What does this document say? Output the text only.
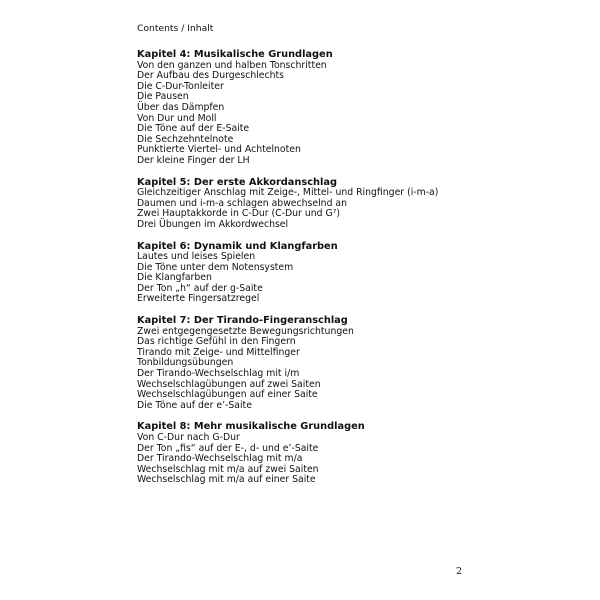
Contents / Inhalt
Kapitel 4: Musikalische Grundlagen
Von den ganzen und halben Tonschritten
Der Aufbau des Durgeschlechts
Die C-Dur-Tonleiter
Die Pausen
Über das Dämpfen
Von Dur und Moll
Die Töne auf der E-Saite
Die Sechzehntelnote
Punktierte Viertel- und Achtelnoten
Der kleine Finger der LH
Kapitel 5: Der erste Akkordanschlag
Gleichzeitiger Anschlag mit Zeige-, Mittel- und Ringfinger (i-m-a)
Daumen und i-m-a schlagen abwechselnd an
Zwei Hauptakkorde in C-Dur (C-Dur und G⁷)
Drei Übungen im Akkordwechsel
Kapitel 6: Dynamik und Klangfarben
Lautes und leises Spielen
Die Töne unter dem Notensystem
Die Klangfarben
Der Ton „h“ auf der g-Saite
Erweiterte Fingersatzregel
Kapitel 7: Der Tirando-Fingeranschlag
Zwei entgegengesetzte Bewegungsrichtungen
Das richtige Gefühl in den Fingern
Tirando mit Zeige- und Mittelfinger
Tonbildungsübungen
Der Tirando-Wechselschlag mit i/m
Wechselschlagübungen auf zwei Saiten
Wechselschlagübungen auf einer Saite
Die Töne auf der e’-Saite
Kapitel 8: Mehr musikalische Grundlagen
Von C-Dur nach G-Dur
Der Ton „fis“ auf der E-, d- und e’-Saite
Der Tirando-Wechselschlag mit m/a
Wechselschlag mit m/a auf zwei Saiten
Wechselschlag mit m/a auf einer Saite
2
